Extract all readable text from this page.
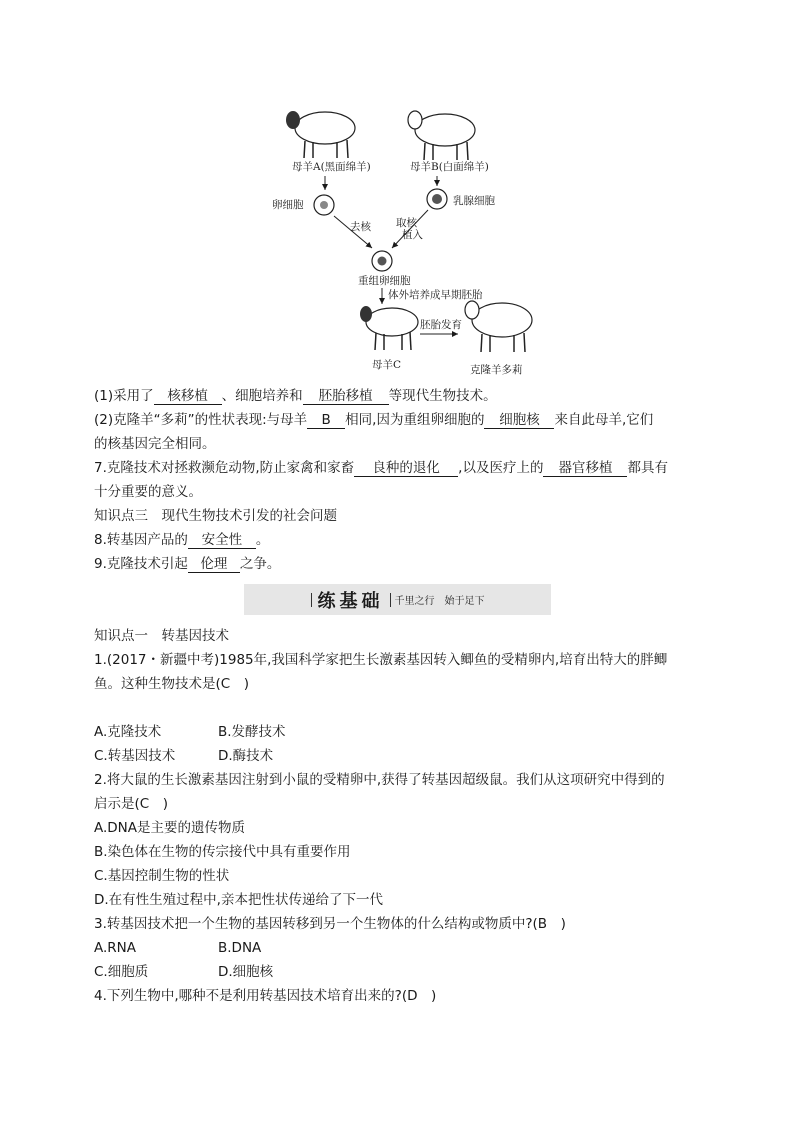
母羊A(黑面绵羊)	母羊B(白面绵羊)
卵细胞	乳腺细胞
去核 取核
植入
重组卵细胞
体外培养成早期胚胎
母羊C
胚胎发育
克隆羊多莉
(1)采用了 核移植 、细胞培养和 胚胎移植 等现代生物技术。
(2)克隆羊“多莉”的性状表现:与母羊 B 相同,因为重组卵细胞的 细胞核 来自此母羊,它们
的核基因完全相同。
7.克隆技术对拯救濒危动物,防止家禽和家畜 良种的退化 ,以及医疗上的 器官移植 都具有
十分重要的意义。
知识点三　现代生物技术引发的社会问题
8.转基因产品的 安全性 。
9.克隆技术引起 伦理 之争。
练基础 千里之行　始于足下
知识点一　转基因技术
1.(2017・新疆中考)1985年,我国科学家把生长激素基因转入鲫鱼的受精卵内,培育出特大的胖鲫
鱼。这种生物技术是(C　)
A.克隆技术	B.发酵技术
C.转基因技术	D.酶技术
2.将大鼠的生长激素基因注射到小鼠的受精卵中,获得了转基因超级鼠。我们从这项研究中得到的
启示是(C　)
A.DNA是主要的遗传物质
B.染色体在生物的传宗接代中具有重要作用
C.基因控制生物的性状
D.在有性生殖过程中,亲本把性状传递给了下一代
3.转基因技术把一个生物的基因转移到另一个生物体的什么结构或物质中?(B　)
A.RNA	B.DNA
C.细胞质	D.细胞核
4.下列生物中,哪种不是利用转基因技术培育出来的?(D　)
